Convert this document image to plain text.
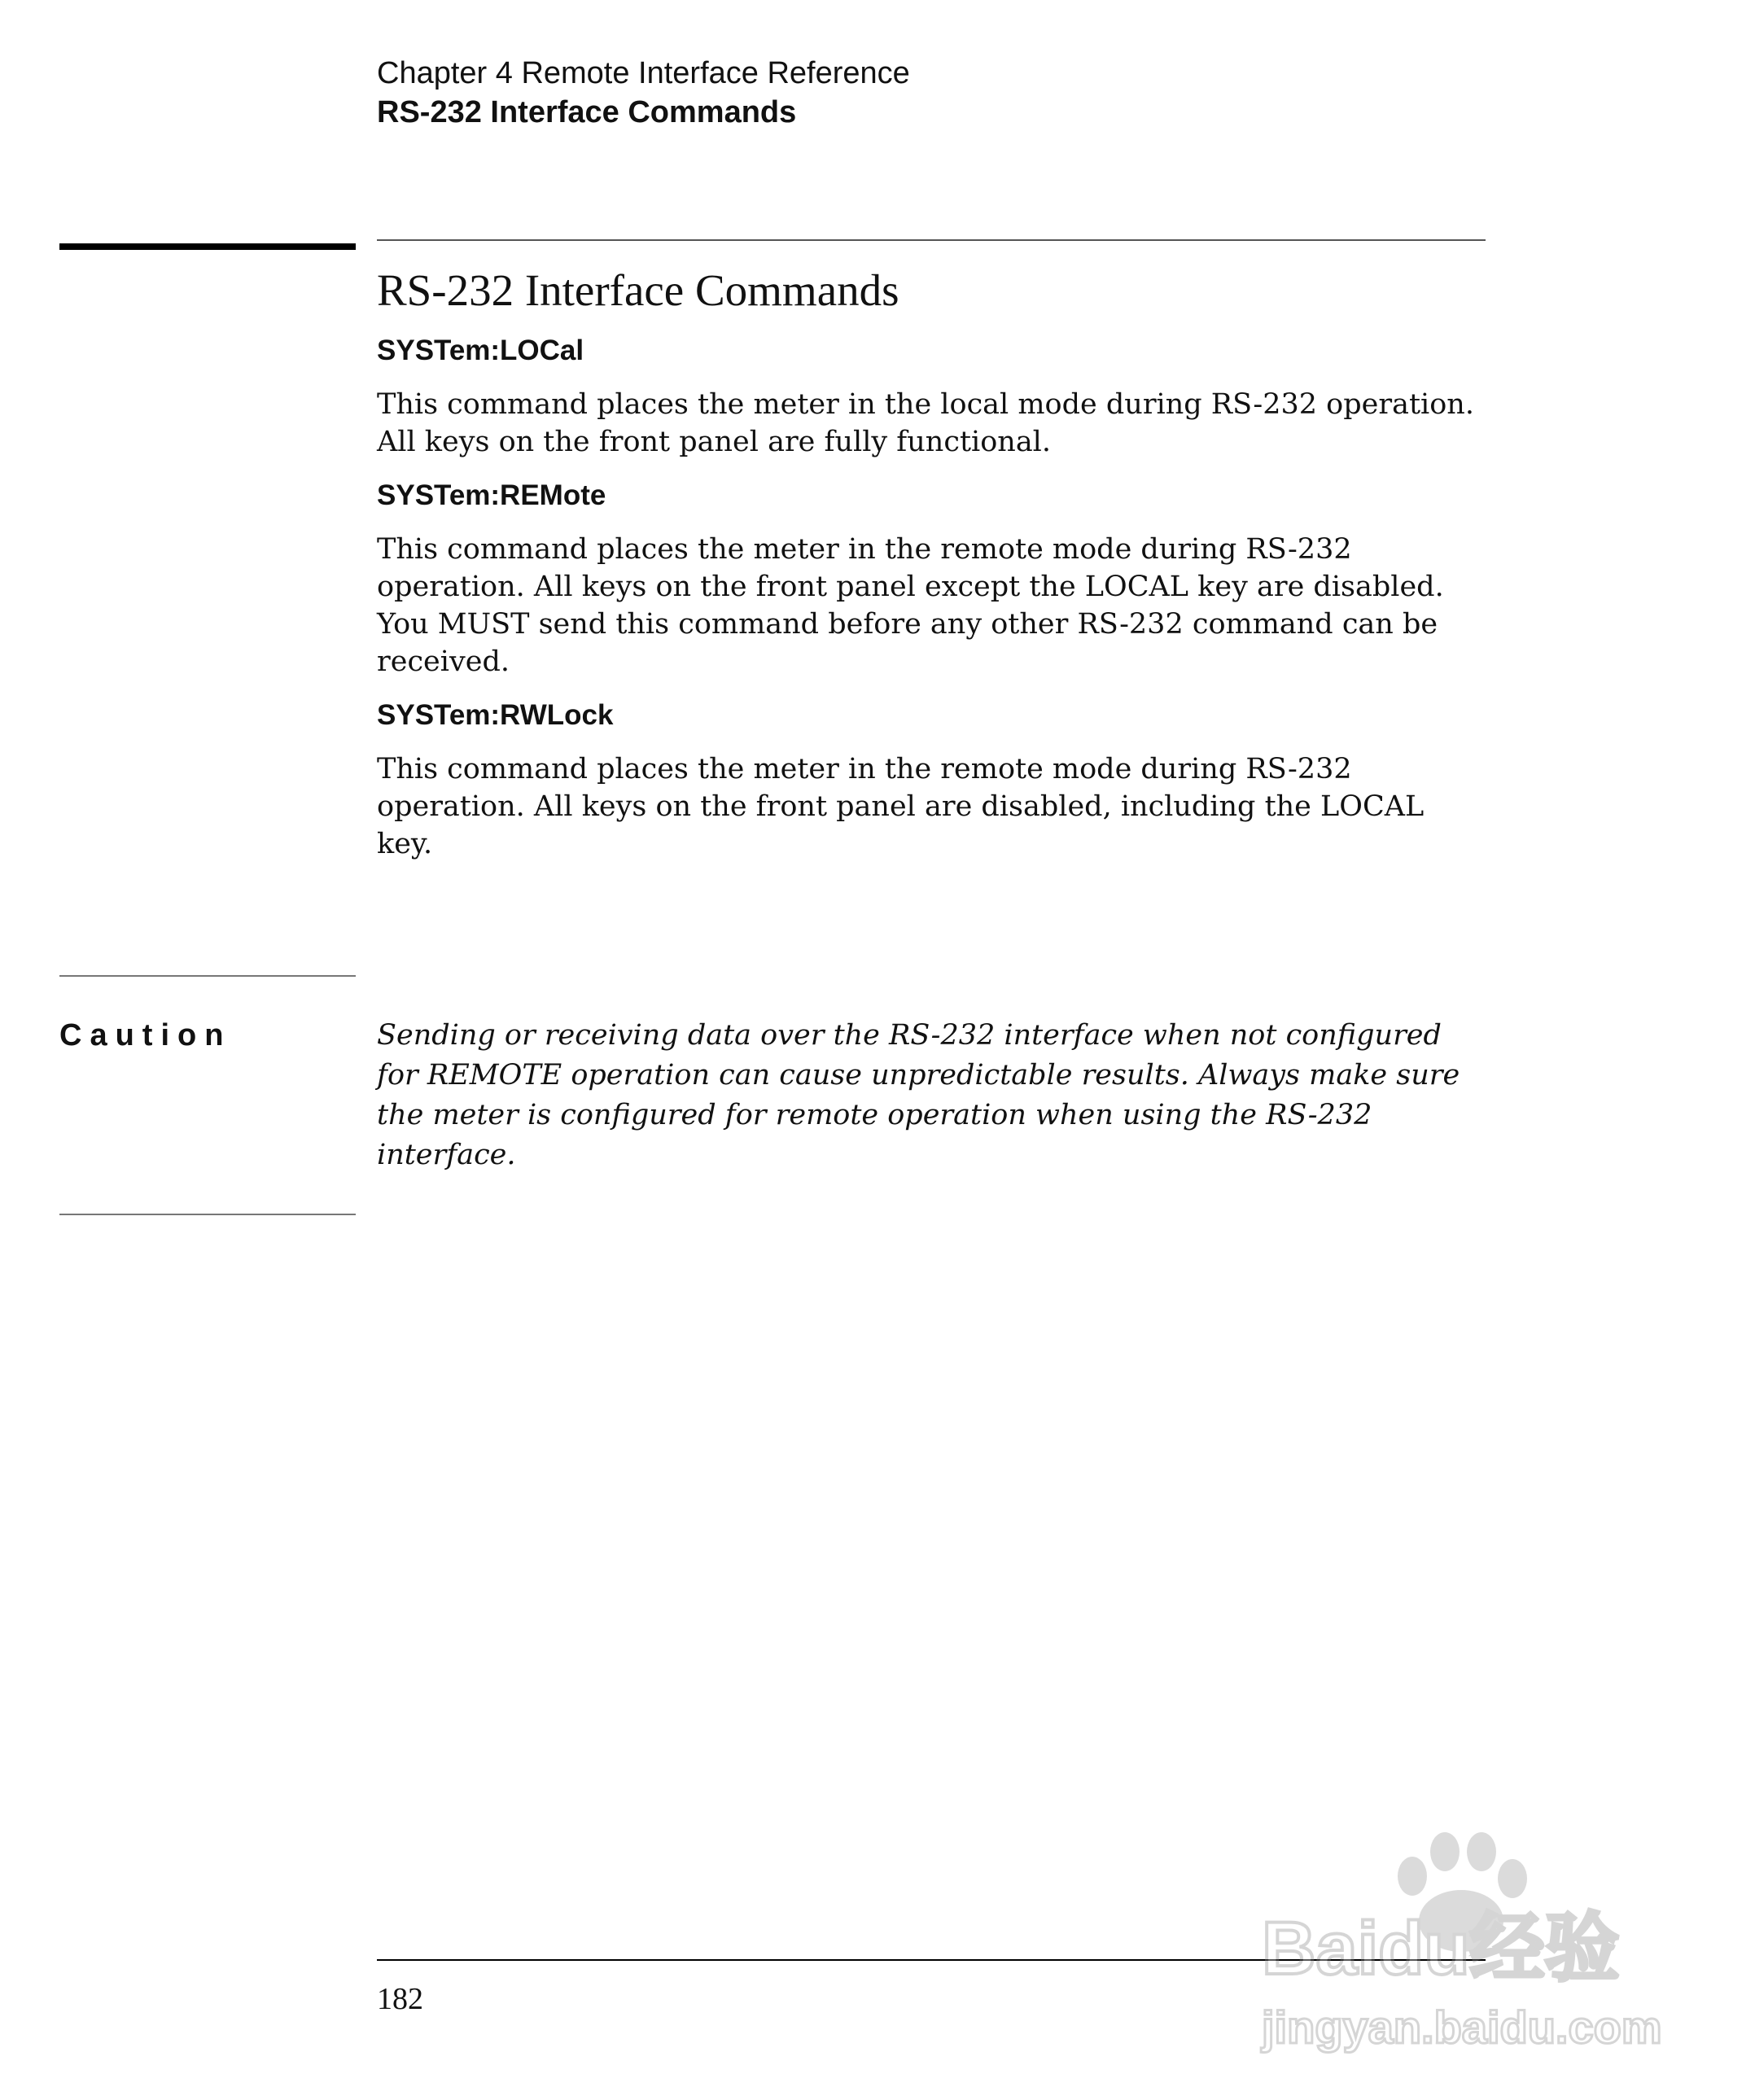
Chapter 4 Remote Interface Reference
RS-232 Interface Commands
RS-232 Interface Commands
SYSTem:LOCal

This command places the meter in the local mode during RS-232 operation. All keys on the front panel are fully functional.

SYSTem:REMote

This command places the meter in the remote mode during RS-232 operation. All keys on the front panel except the LOCAL key are disabled. You MUST send this command before any other RS-232 command can be received.

SYSTem:RWLock

This command places the meter in the remote mode during RS-232 operation. All keys on the front panel are disabled, including the LOCAL key.

Caution	Sending or receiving data over the RS-232 interface when not configured for REMOTE operation can cause unpredictable results. Always make sure the meter is configured for remote operation when using the RS-232 interface.

182
Baidu经验
jingyan.baidu.com
